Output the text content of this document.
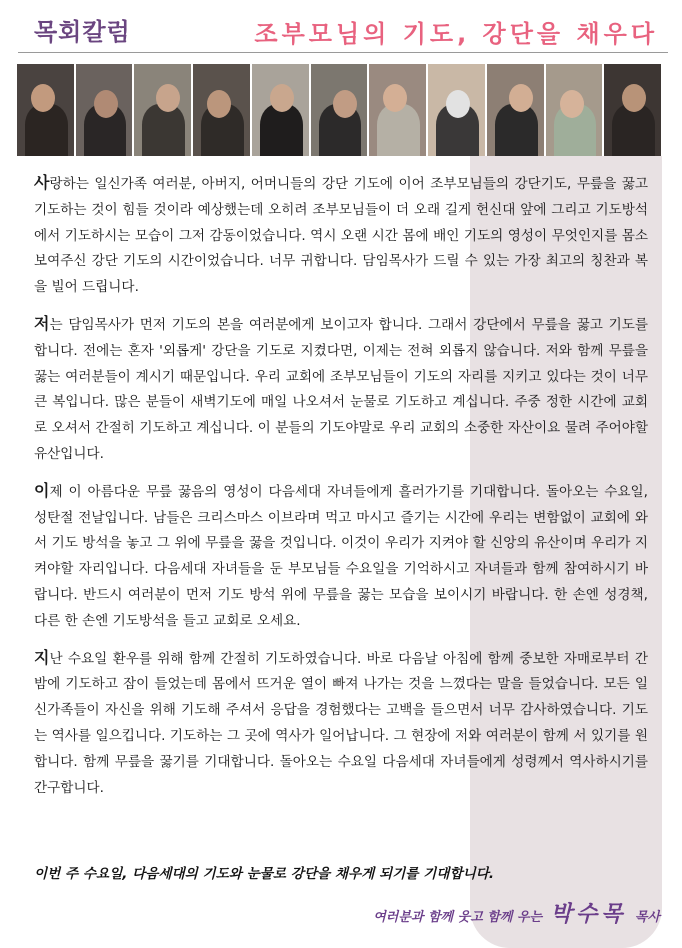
목회칼럼	조부모님의 기도, 강단을 채우다

사랑하는 일신가족 여러분, 아버지, 어머니들의 강단 기도에 이어 조부모님들의 강단기도, 무릎을 꿇고 기도하는 것이 힘들 것이라 예상했는데 오히려 조부모님들이 더 오래 길게 헌신대 앞에 그리고 기도방석에서 기도하시는 모습이 그저 감동이었습니다. 역시 오랜 시간 몸에 배인 기도의 영성이 무엇인지를 몸소 보여주신 강단 기도의 시간이었습니다. 너무 귀합니다. 담임목사가 드릴 수 있는 가장 최고의 칭찬과 복을 빌어 드립니다.

저는 담임목사가 먼저 기도의 본을 여러분에게 보이고자 합니다. 그래서 강단에서 무릎을 꿇고 기도를 합니다. 전에는 혼자 '외롭게' 강단을 기도로 지켰다면, 이제는 전혀 외롭지 않습니다. 저와 함께 무릎을 꿇는 여러분들이 계시기 때문입니다. 우리 교회에 조부모님들이 기도의 자리를 지키고 있다는 것이 너무 큰 복입니다. 많은 분들이 새벽기도에 매일 나오셔서 눈물로 기도하고 계십니다. 주중 정한 시간에 교회로 오셔서 간절히 기도하고 계십니다. 이 분들의 기도야말로 우리 교회의 소중한 자산이요 물려 주어야할 유산입니다.

이제 이 아름다운 무릎 꿇음의 영성이 다음세대 자녀들에게 흘러가기를 기대합니다. 돌아오는 수요일, 성탄절 전날입니다. 남들은 크리스마스 이브라며 먹고 마시고 즐기는 시간에 우리는 변함없이 교회에 와서 기도 방석을 놓고 그 위에 무릎을 꿇을 것입니다. 이것이 우리가 지켜야 할 신앙의 유산이며 우리가 지켜야할 자리입니다. 다음세대 자녀들을 둔 부모님들 수요일을 기억하시고 자녀들과 함께 참여하시기 바랍니다. 반드시 여러분이 먼저 기도 방석 위에 무릎을 꿇는 모습을 보이시기 바랍니다. 한 손엔 성경책, 다른 한 손엔 기도방석을 들고 교회로 오세요.

지난 수요일 환우를 위해 함께 간절히 기도하였습니다. 바로 다음날 아침에 함께 중보한 자매로부터 간 밤에 기도하고 잠이 들었는데 몸에서 뜨거운 열이 빠져 나가는 것을 느꼈다는 말을 들었습니다. 모든 일신가족들이 자신을 위해 기도해 주셔서 응답을 경험했다는 고백을 들으면서 너무 감사하였습니다. 기도는 역사를 일으킵니다. 기도하는 그 곳에 역사가 일어납니다. 그 현장에 저와 여러분이 함께 서 있기를 원합니다. 함께 무릎을 꿇기를 기대합니다. 돌아오는 수요일 다음세대 자녀들에게 성령께서 역사하시기를 간구합니다.

이번 주 수요일, 다음세대의 기도와 눈물로 강단을 채우게 되기를 기대합니다.
여러분과 함께 웃고 함께 우는 박수목 목사
